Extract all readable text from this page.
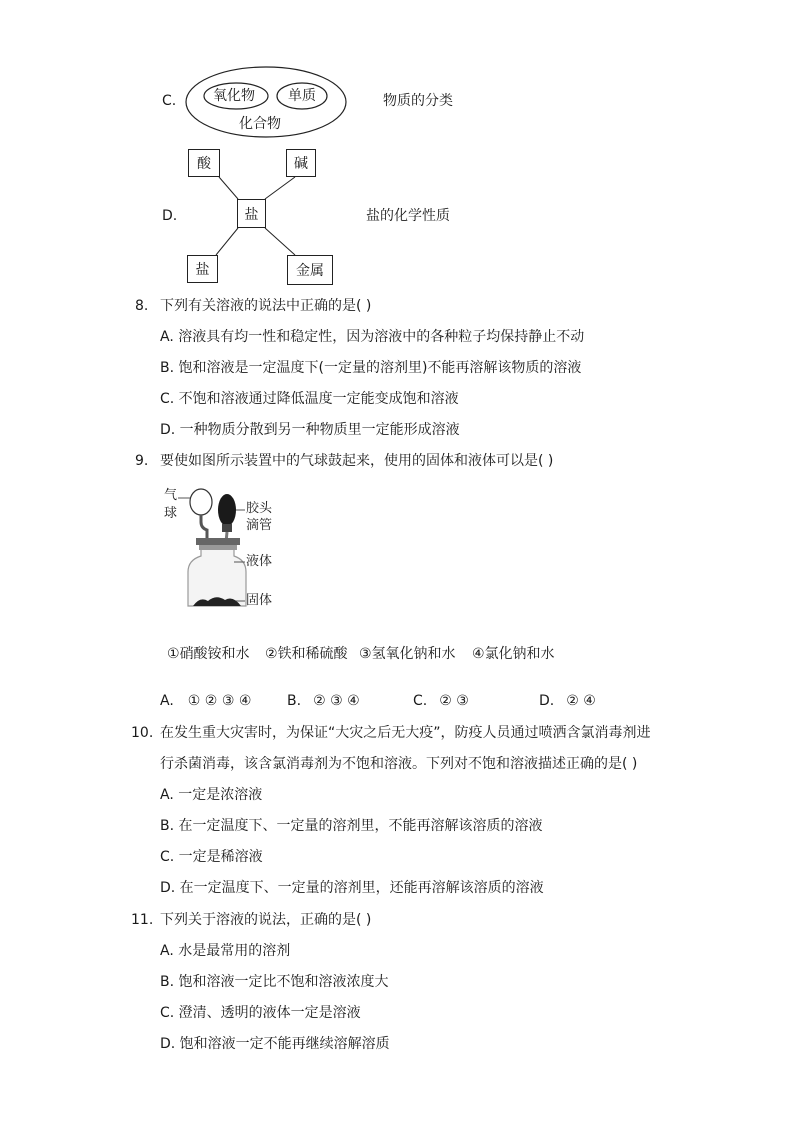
C.	氧化物 单质
化合物
物质的分类
D.
酸	碱
盐
盐	金属
盐的化学性质
8. 下列有关溶液的说法中正确的是( )
A. 溶液具有均一性和稳定性，因为溶液中的各种粒子均保持静止不动
B. 饱和溶液是一定温度下(一定量的溶剂里)不能再溶解该物质的溶液
C. 不饱和溶液通过降低温度一定能变成饱和溶液
D. 一种物质分散到另一种物质里一定能形成溶液
9. 要使如图所示装置中的气球鼓起来，使用的固体和液体可以是( )
气
球	胶头
滴管
液体
固体
①硝酸铵和水 ②铁和稀硫酸 ③氢氧化钠和水 ④氯化钠和水
A. ① ② ③ ④	B. ② ③ ④	C. ② ③	D. ② ④
10. 在发生重大灾害时，为保证“大灾之后无大疫”，防疫人员通过喷洒含氯消毒剂进
行杀菌消毒，该含氯消毒剂为不饱和溶液。下列对不饱和溶液描述正确的是( )
A. 一定是浓溶液
B. 在一定温度下、一定量的溶剂里，不能再溶解该溶质的溶液
C. 一定是稀溶液
D. 在一定温度下、一定量的溶剂里，还能再溶解该溶质的溶液
11. 下列关于溶液的说法，正确的是( )
A. 水是最常用的溶剂
B. 饱和溶液一定比不饱和溶液浓度大
C. 澄清、透明的液体一定是溶液
D. 饱和溶液一定不能再继续溶解溶质
